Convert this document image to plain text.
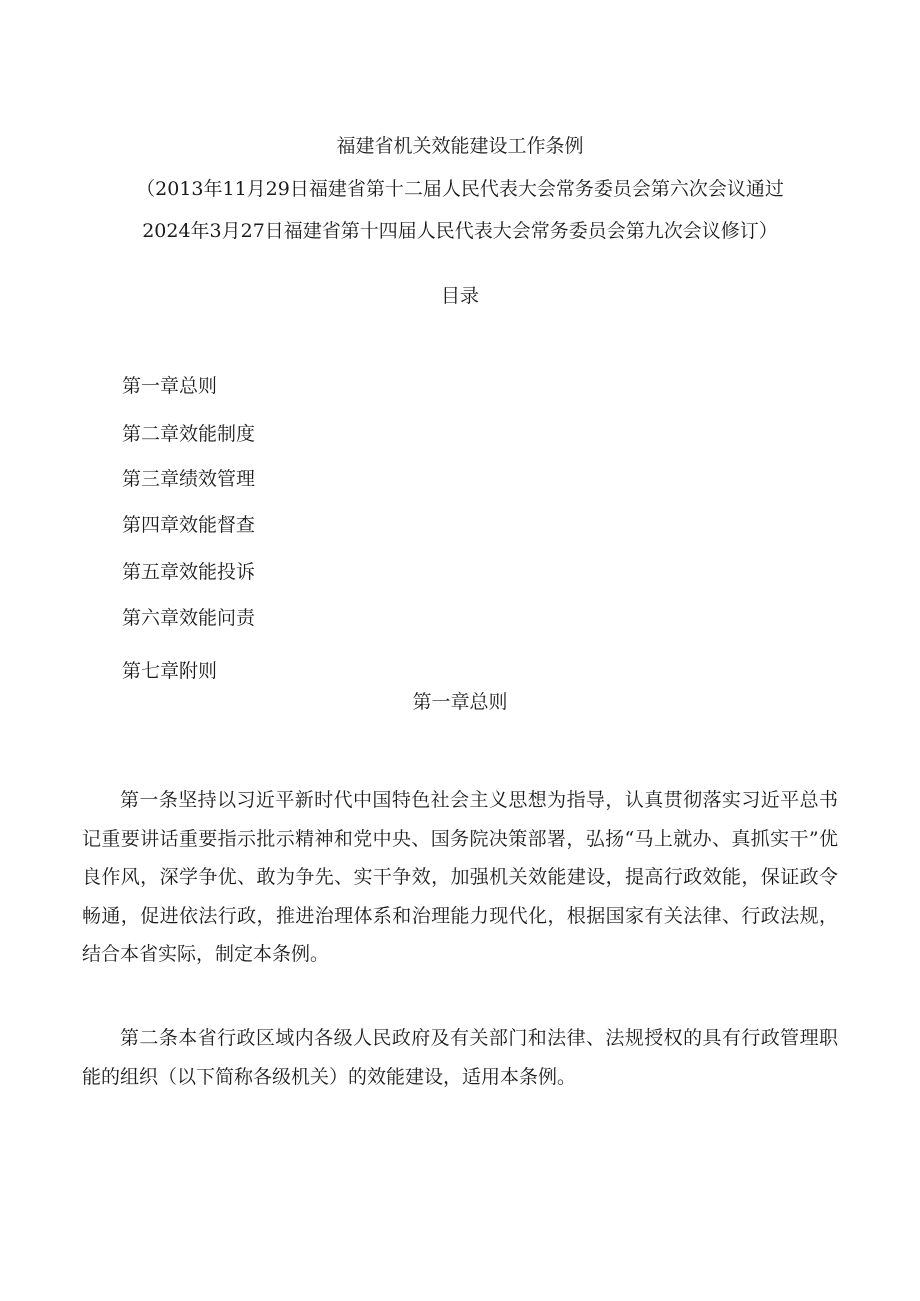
福建省机关效能建设工作条例
（2013年11月29日福建省第十二届人民代表大会常务委员会第六次会议通过
2024年3月27日福建省第十四届人民代表大会常务委员会第九次会议修订）
目录
第一章总则
第二章效能制度
第三章绩效管理
第四章效能督查
第五章效能投诉
第六章效能问责
第七章附则
第一章总则
第一条坚持以习近平新时代中国特色社会主义思想为指导，认真贯彻落实习近平总书记重要讲话重要指示批示精神和党中央、国务院决策部署，弘扬“马上就办、真抓实干”优良作风，深学争优、敢为争先、实干争效，加强机关效能建设，提高行政效能，保证政令畅通，促进依法行政，推进治理体系和治理能力现代化，根据国家有关法律、行政法规，结合本省实际，制定本条例。
第二条本省行政区域内各级人民政府及有关部门和法律、法规授权的具有行政管理职能的组织（以下简称各级机关）的效能建设，适用本条例。
